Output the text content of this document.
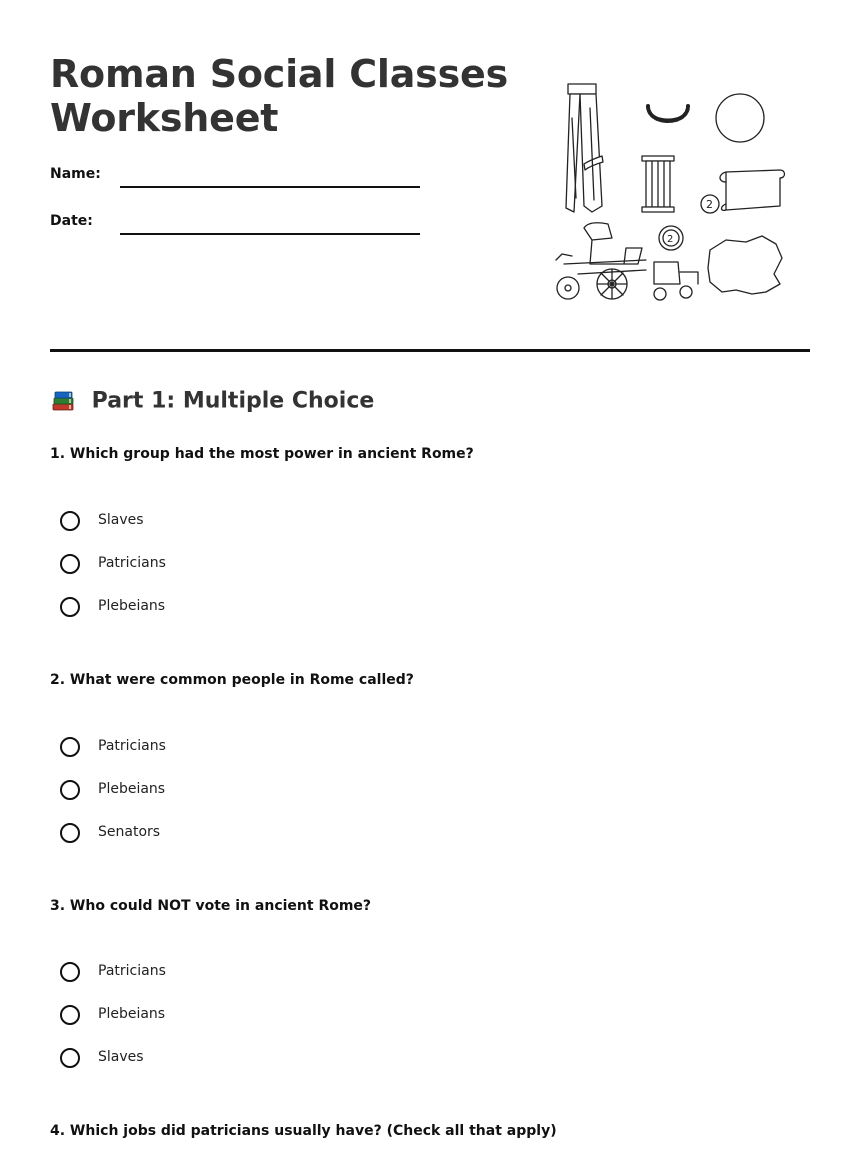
Roman Social Classes Worksheet
Name:
Date:
2
2
Part 1: Multiple Choice

1. Which group had the most power in ancient Rome?

Slaves
Patricians
Plebeians

2. What were common people in Rome called?

Patricians
Plebeians
Senators

3. Who could NOT vote in ancient Rome?

Patricians
Plebeians
Slaves

4. Which jobs did patricians usually have? (Check all that apply)
